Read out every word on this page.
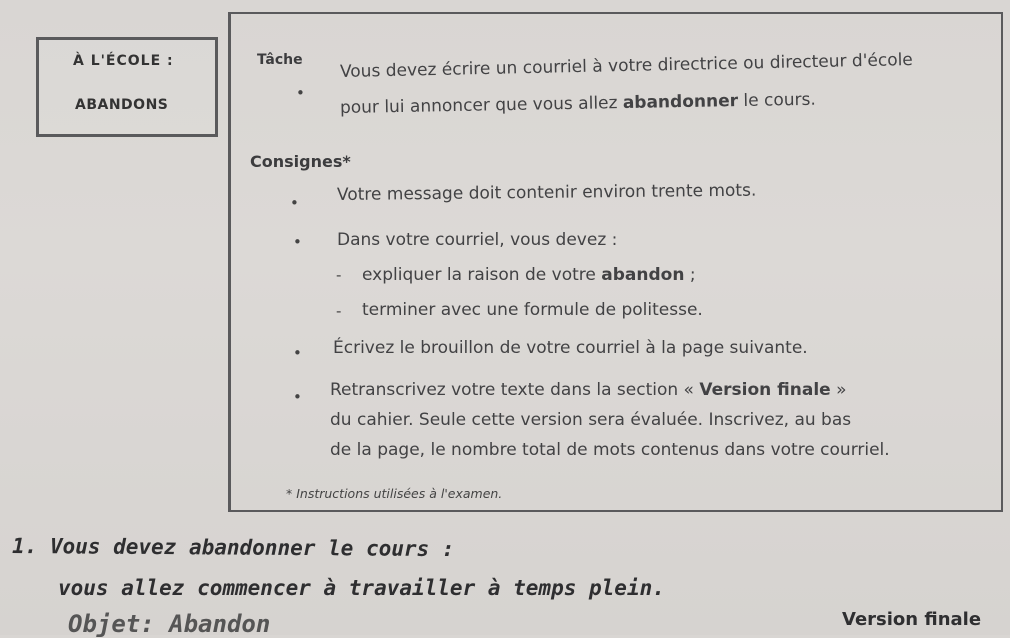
À L'ÉCOLE :
ABANDONS
Tâche
•
Vous devez écrire un courriel à votre directrice ou directeur d'école
pour lui annoncer que vous allez abandonner le cours.
Consignes*
• Votre message doit contenir environ trente mots.
• Dans votre courriel, vous devez :
- expliquer la raison de votre abandon ;
- terminer avec une formule de politesse.
• Écrivez le brouillon de votre courriel à la page suivante.
• Retranscrivez votre texte dans la section « Version finale »
du cahier. Seule cette version sera évaluée. Inscrivez, au bas
de la page, le nombre total de mots contenus dans votre courriel.
* Instructions utilisées à l'examen.
1. Vous devez abandonner le cours :
vous allez commencer à travailler à temps plein.
Objet: Abandon	Version finale
